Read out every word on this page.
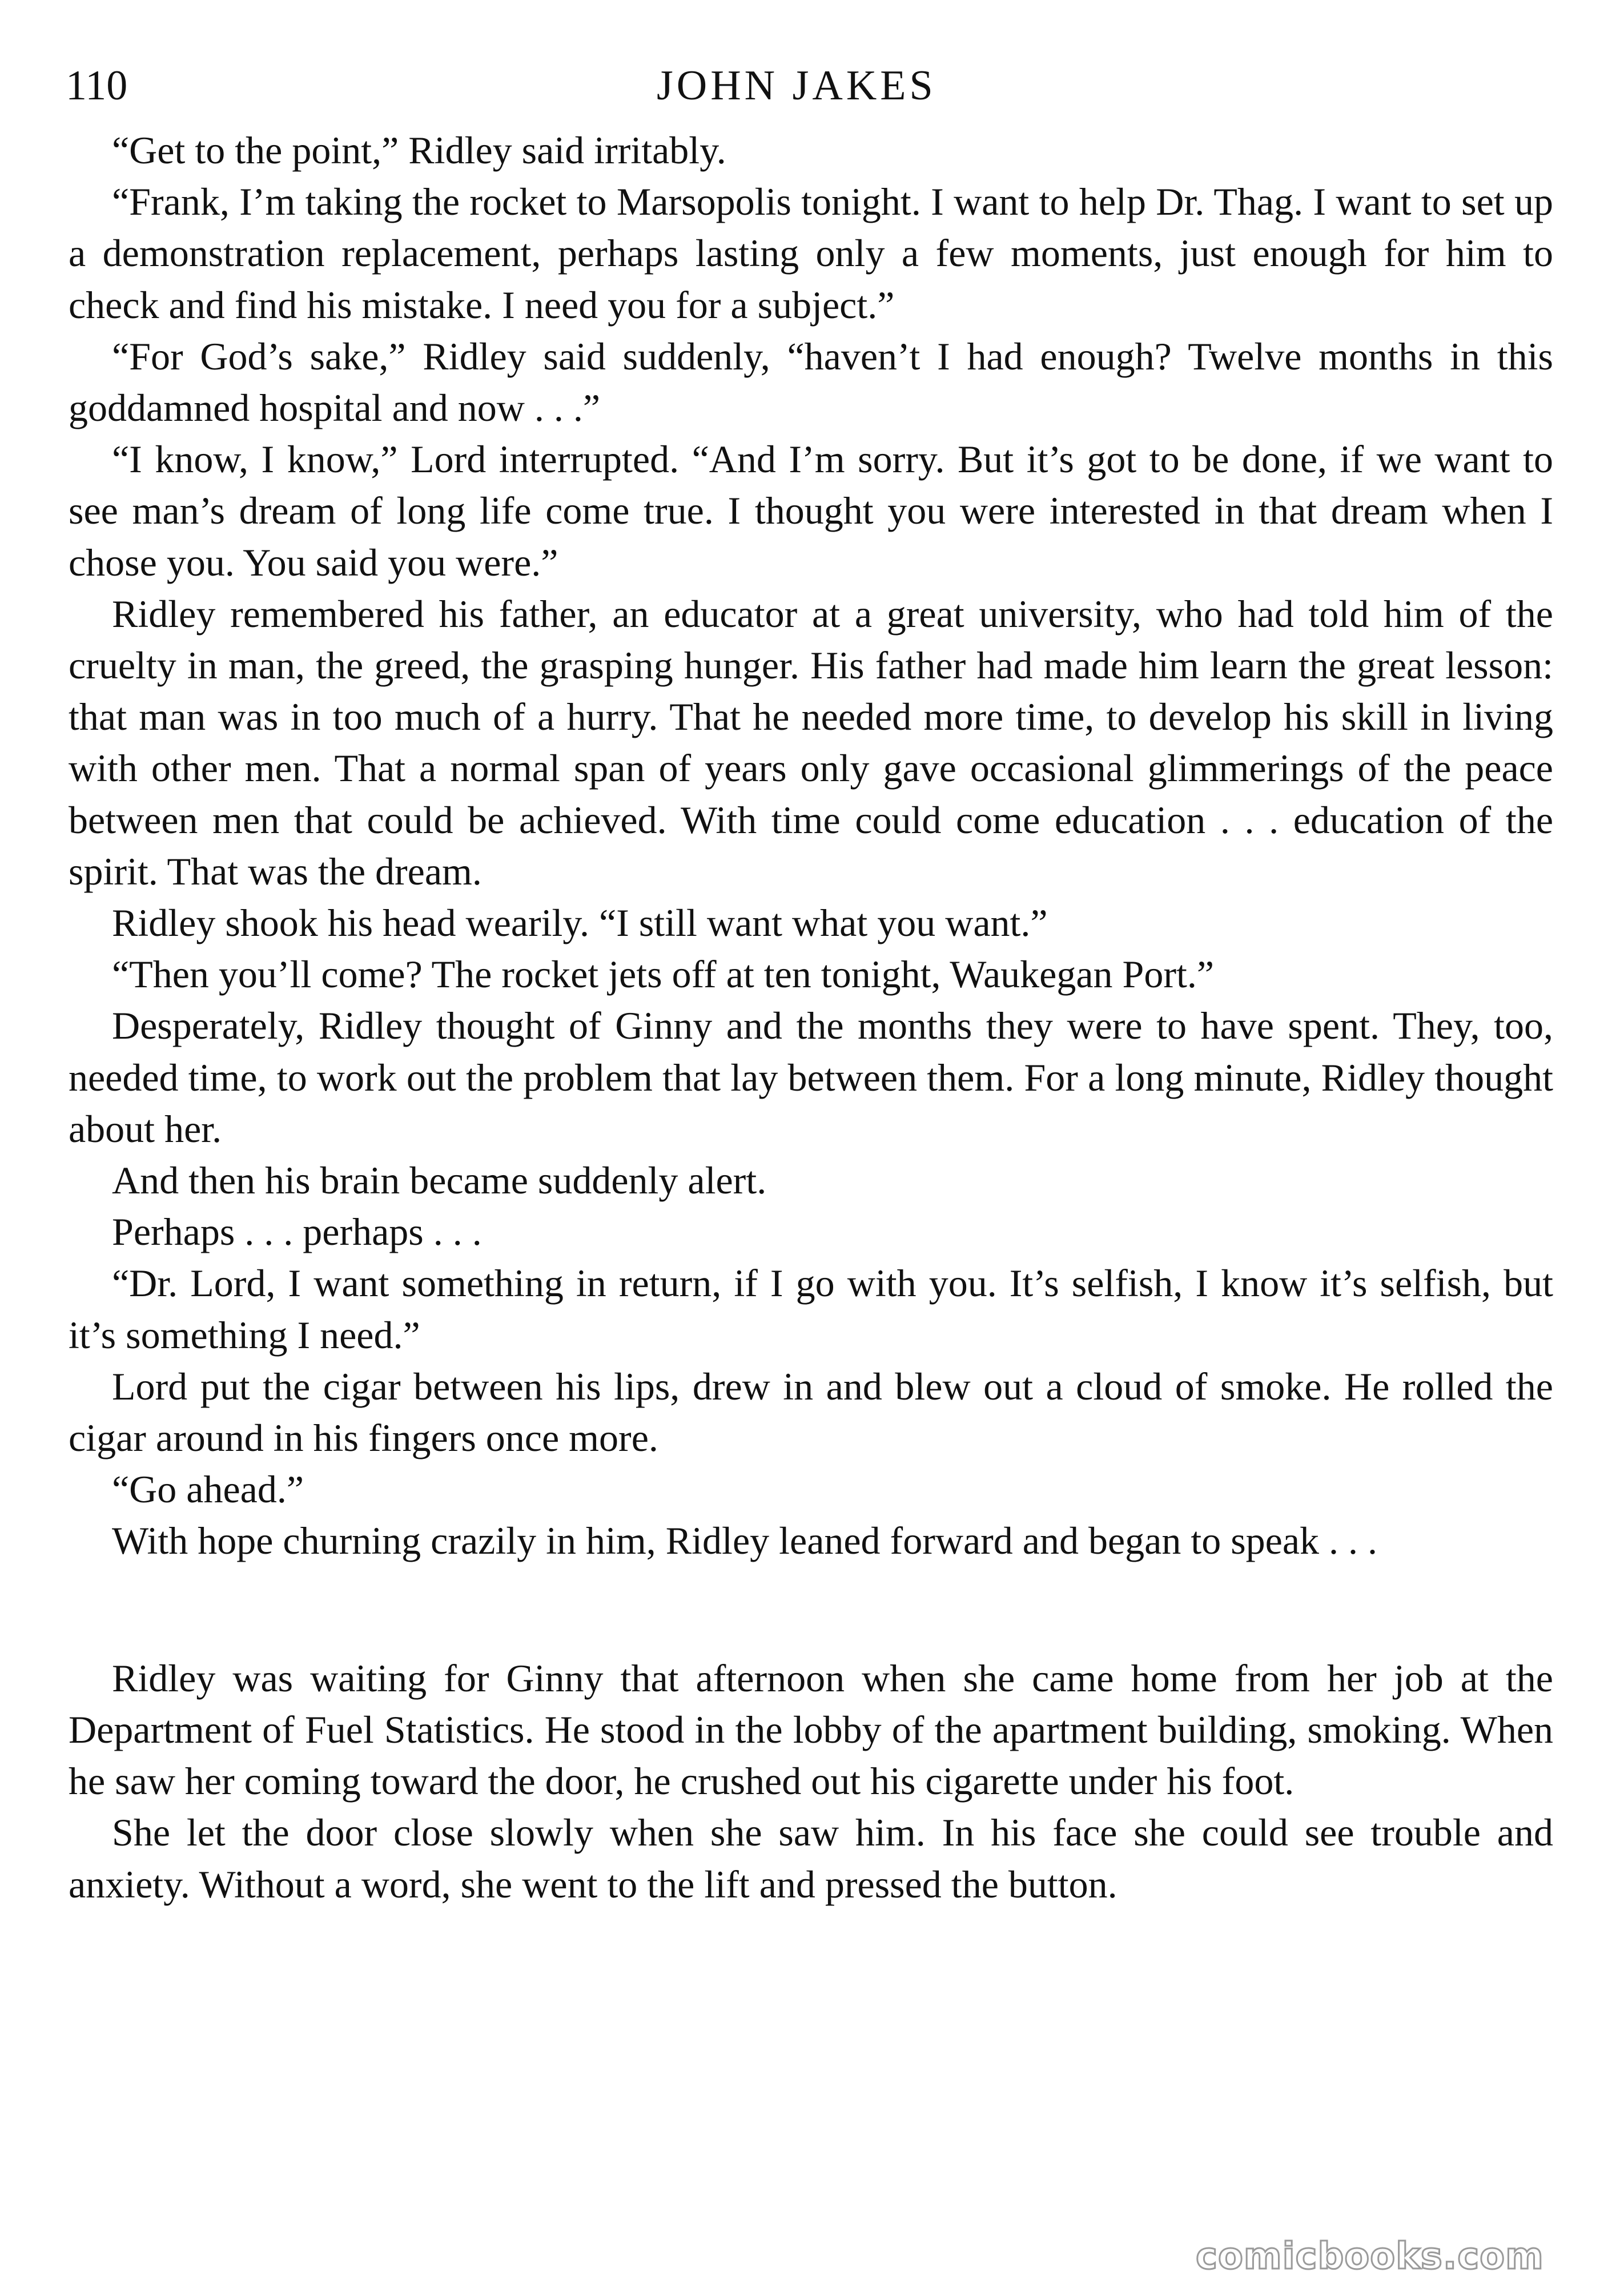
110	JOHN JAKES

“Get to the point,” Ridley said irritably.

“Frank, I’m taking the rocket to Marsopolis tonight. I want to help Dr. Thag. I want to set up a demonstration replacement, perhaps lasting only a few moments, just enough for him to check and find his mistake. I need you for a subject.”

“For God’s sake,” Ridley said suddenly, “haven’t I had enough? Twelve months in this goddamned hospital and now . . .”

“I know, I know,” Lord interrupted. “And I’m sorry. But it’s got to be done, if we want to see man’s dream of long life come true. I thought you were interested in that dream when I chose you. You said you were.”

Ridley remembered his father, an educator at a great university, who had told him of the cruelty in man, the greed, the grasping hunger. His father had made him learn the great lesson: that man was in too much of a hurry. That he needed more time, to develop his skill in living with other men. That a normal span of years only gave occasional glimmerings of the peace between men that could be achieved. With time could come education . . . education of the spirit. That was the dream.

Ridley shook his head wearily. “I still want what you want.”

“Then you’ll come? The rocket jets off at ten tonight, Waukegan Port.”

Desperately, Ridley thought of Ginny and the months they were to have spent. They, too, needed time, to work out the problem that lay between them. For a long minute, Ridley thought about her.

And then his brain became suddenly alert.

Perhaps . . . perhaps . . .

“Dr. Lord, I want something in return, if I go with you. It’s selfish, I know it’s selfish, but it’s something I need.”

Lord put the cigar between his lips, drew in and blew out a cloud of smoke. He rolled the cigar around in his fingers once more.

“Go ahead.”

With hope churning crazily in him, Ridley leaned forward and began to speak . . .

Ridley was waiting for Ginny that afternoon when she came home from her job at the Department of Fuel Statistics. He stood in the lobby of the apartment building, smoking. When he saw her coming toward the door, he crushed out his cigarette under his foot.

She let the door close slowly when she saw him. In his face she could see trouble and anxiety. Without a word, she went to the lift and pressed the button.

comicbooks.com
